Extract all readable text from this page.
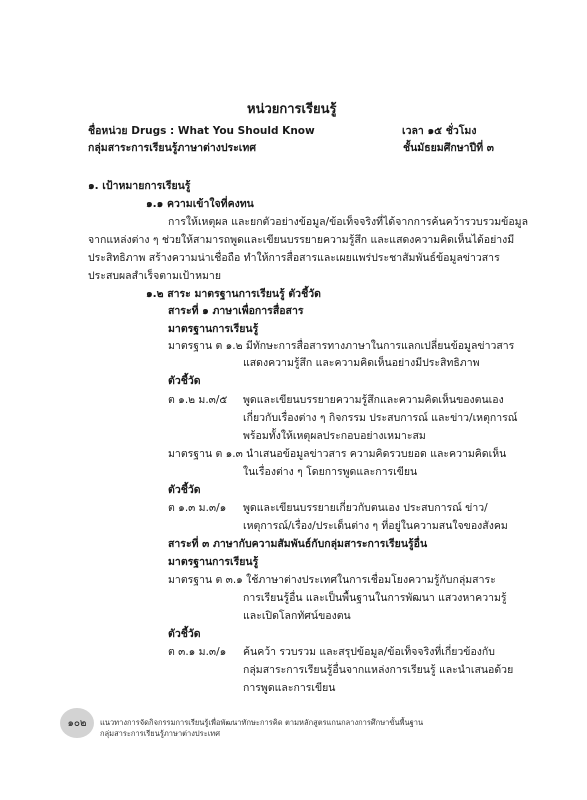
หน่วยการเรียนรู้
ชื่อหน่วย Drugs : What You Should Know	เวลา ๑๕ ชั่วโมง
กลุ่มสาระการเรียนรู้ภาษาต่างประเทศ	ชั้นมัธยมศึกษาปีที่ ๓
๑. เป้าหมายการเรียนรู้
๑.๑ ความเข้าใจที่คงทน
การให้เหตุผล และยกตัวอย่างข้อมูล/ข้อเท็จจริงที่ได้จากการค้นคว้ารวบรวมข้อมูล
จากแหล่งต่าง ๆ ช่วยให้สามารถพูดและเขียนบรรยายความรู้สึก และแสดงความคิดเห็นได้อย่างมี
ประสิทธิภาพ สร้างความน่าเชื่อถือ ทำให้การสื่อสารและเผยแพร่ประชาสัมพันธ์ข้อมูลข่าวสาร
ประสบผลสำเร็จตามเป้าหมาย
๑.๒ สาระ มาตรฐานการเรียนรู้ ตัวชี้วัด
สาระที่ ๑ ภาษาเพื่อการสื่อสาร
มาตรฐานการเรียนรู้
มาตรฐาน ต ๑.๒ มีทักษะการสื่อสารทางภาษาในการแลกเปลี่ยนข้อมูลข่าวสาร
แสดงความรู้สึก และความคิดเห็นอย่างมีประสิทธิภาพ
ตัวชี้วัด
ต ๑.๒ ม.๓/๕ พูดและเขียนบรรยายความรู้สึกและความคิดเห็นของตนเอง
เกี่ยวกับเรื่องต่าง ๆ กิจกรรม ประสบการณ์ และข่าว/เหตุการณ์
พร้อมทั้งให้เหตุผลประกอบอย่างเหมาะสม
มาตรฐาน ต ๑.๓ นำเสนอข้อมูลข่าวสาร ความคิดรวบยอด และความคิดเห็น
ในเรื่องต่าง ๆ โดยการพูดและการเขียน
ตัวชี้วัด
ต ๑.๓ ม.๓/๑ พูดและเขียนบรรยายเกี่ยวกับตนเอง ประสบการณ์ ข่าว/
เหตุการณ์/เรื่อง/ประเด็นต่าง ๆ ที่อยู่ในความสนใจของสังคม
สาระที่ ๓ ภาษากับความสัมพันธ์กับกลุ่มสาระการเรียนรู้อื่น
มาตรฐานการเรียนรู้
มาตรฐาน ต ๓.๑ ใช้ภาษาต่างประเทศในการเชื่อมโยงความรู้กับกลุ่มสาระ
การเรียนรู้อื่น และเป็นพื้นฐานในการพัฒนา แสวงหาความรู้
และเปิดโลกทัศน์ของตน
ตัวชี้วัด
ต ๓.๑ ม.๓/๑ ค้นคว้า รวบรวม และสรุปข้อมูล/ข้อเท็จจริงที่เกี่ยวข้องกับ
กลุ่มสาระการเรียนรู้อื่นจากแหล่งการเรียนรู้ และนำเสนอด้วย
การพูดและการเขียน
๑๐๒ แนวทางการจัดกิจกรรมการเรียนรู้เพื่อพัฒนาทักษะการคิด ตามหลักสูตรแกนกลางการศึกษาขั้นพื้นฐาน
กลุ่มสาระการเรียนรู้ภาษาต่างประเทศ
